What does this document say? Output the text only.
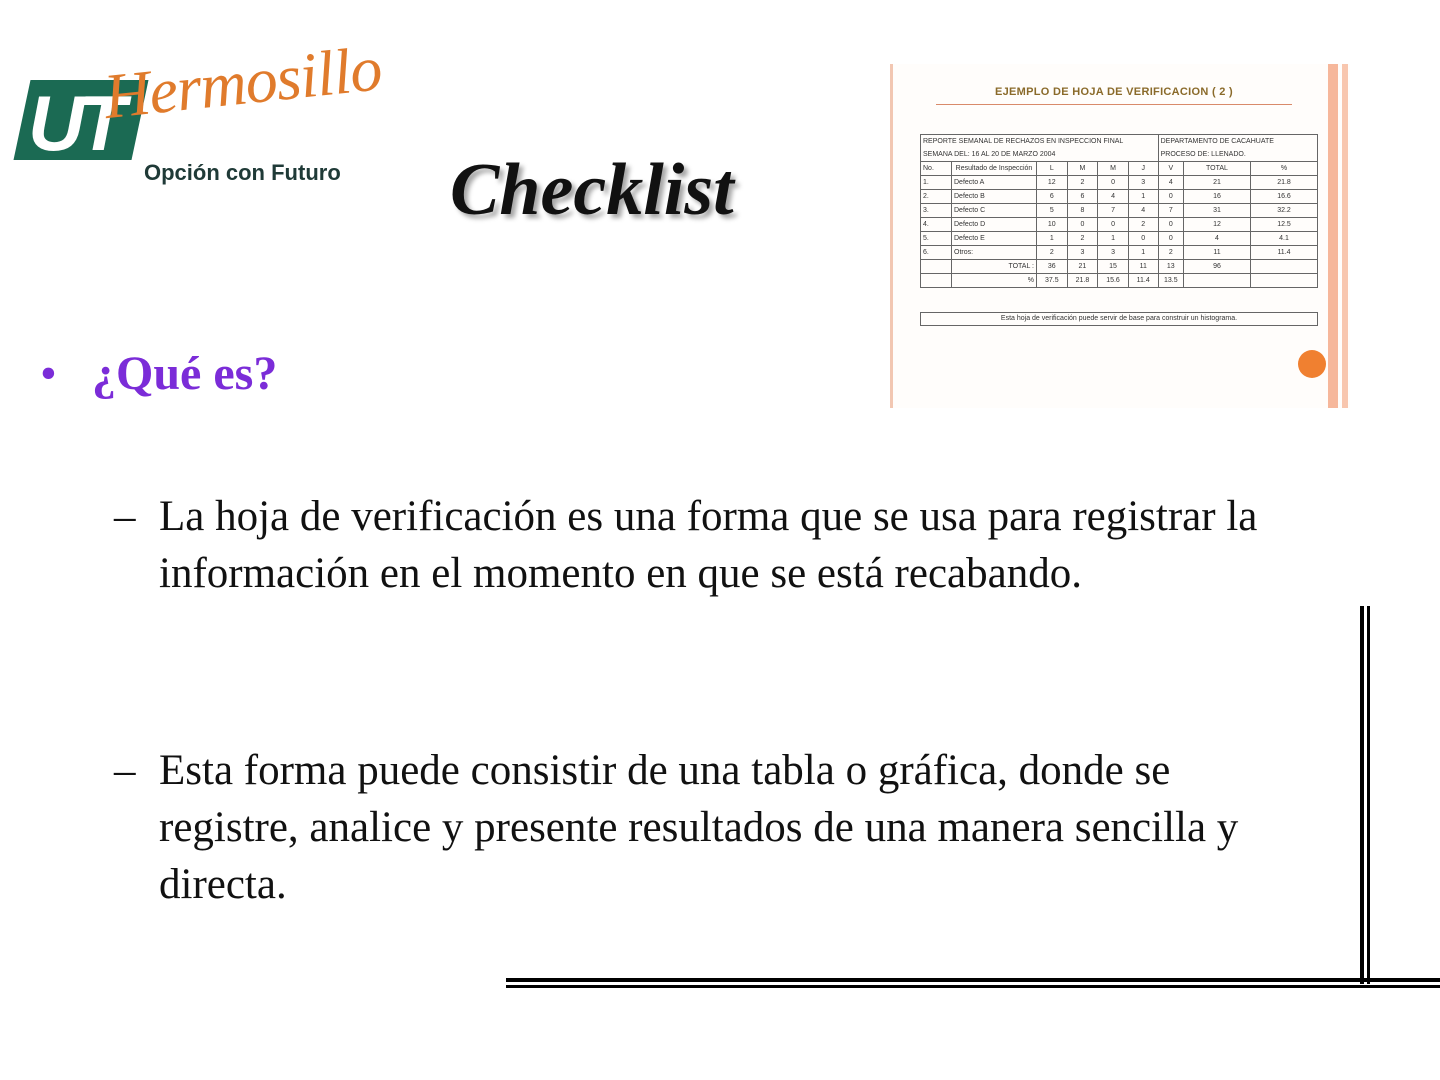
UT
Hermosillo
Opción con Futuro Checklist
EJEMPLO DE HOJA DE VERIFICACION ( 2 )
REPORTE SEMANAL DE RECHAZOS EN INSPECCION FINAL						DEPARTAMENTO DE CACAHUATE		
SEMANA DEL: 16 AL 20 DE MARZO 2004						PROCESO DE: LLENADO.		
No.	Resultado de Inspección	L	M	M	J	V	TOTAL	%
1.	Defecto A	12	2	0	3	4	21	21.8
2.	Defecto B	6	6	4	1	0	16	16.6
3.	Defecto C	5	8	7	4	7	31	32.2
4.	Defecto D	10	0	0	2	0	12	12.5
5.	Defecto E	1	2	1	0	0	4	4.1
6.	Otros:	2	3	3	1	2	11	11.4
	TOTAL :	36	21	15	11	13	96	
	%	37.5	21.8	15.6	11.4	13.5		
Esta hoja de verificación puede servir de base para construir un histograma.
• ¿Qué es?
– La hoja de verificación es una forma que se usa para registrar la información en el momento en que se está recabando.
– Esta forma puede consistir de una tabla o gráfica, donde se registre, analice y presente resultados de una manera sencilla y directa.
